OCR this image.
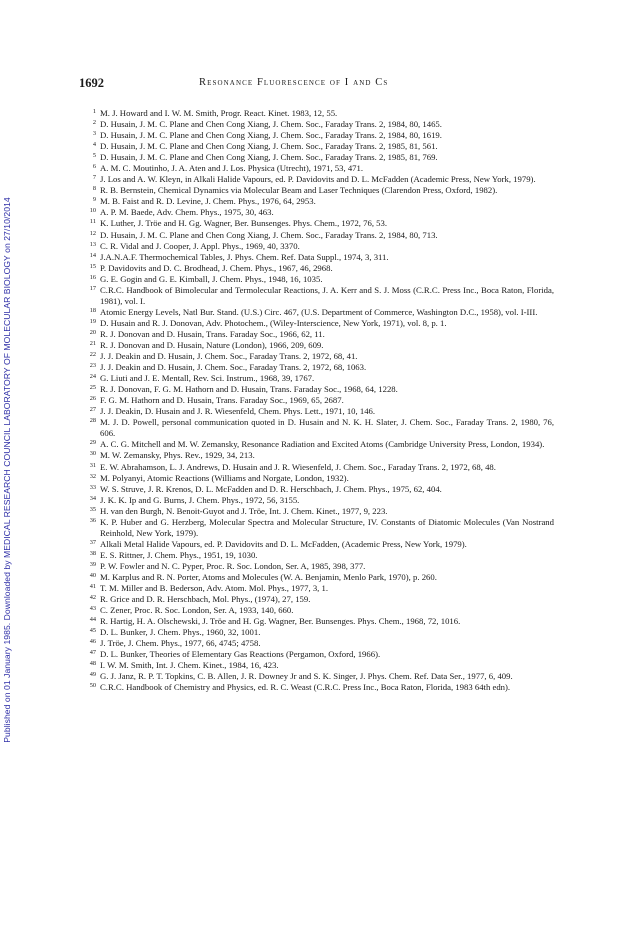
Published on 01 January 1985. Downloaded by MEDICAL RESEARCH COUNCIL LABORATORY OF MOLECULAR BIOLOGY on 27/10/2014
1692	Resonance Fluorescence of I and Cs
1 M. J. Howard and I. W. M. Smith, Progr. React. Kinet. 1983, 12, 55.
2 D. Husain, J. M. C. Plane and Chen Cong Xiang, J. Chem. Soc., Faraday Trans. 2, 1984, 80, 1465.
3 D. Husain, J. M. C. Plane and Chen Cong Xiang, J. Chem. Soc., Faraday Trans. 2, 1984, 80, 1619.
4 D. Husain, J. M. C. Plane and Chen Cong Xiang, J. Chem. Soc., Faraday Trans. 2, 1985, 81, 561.
5 D. Husain, J. M. C. Plane and Chen Cong Xiang, J. Chem. Soc., Faraday Trans. 2, 1985, 81, 769.
6 A. M. C. Moutinho, J. A. Aten and J. Los. Physica (Utrecht), 1971, 53, 471.
7 J. Los and A. W. Kleyn, in Alkali Halide Vapours, ed. P. Davidovits and D. L. McFadden (Academic Press, New York, 1979).
8 R. B. Bernstein, Chemical Dynamics via Molecular Beam and Laser Techniques (Clarendon Press, Oxford, 1982).
9 M. B. Faist and R. D. Levine, J. Chem. Phys., 1976, 64, 2953.
10 A. P. M. Baede, Adv. Chem. Phys., 1975, 30, 463.
11 K. Luther, J. Tröe and H. Gg. Wagner, Ber. Bunsenges. Phys. Chem., 1972, 76, 53.
12 D. Husain, J. M. C. Plane and Chen Cong Xiang, J. Chem. Soc., Faraday Trans. 2, 1984, 80, 713.
13 C. R. Vidal and J. Cooper, J. Appl. Phys., 1969, 40, 3370.
14 J.A.N.A.F. Thermochemical Tables, J. Phys. Chem. Ref. Data Suppl., 1974, 3, 311.
15 P. Davidovits and D. C. Brodhead, J. Chem. Phys., 1967, 46, 2968.
16 G. E. Gogin and G. E. Kimball, J. Chem. Phys., 1948, 16, 1035.
17 C.R.C. Handbook of Bimolecular and Termolecular Reactions, J. A. Kerr and S. J. Moss (C.R.C. Press Inc., Boca Raton, Florida, 1981), vol. I.
18 Atomic Energy Levels, Natl Bur. Stand. (U.S.) Circ. 467, (U.S. Department of Commerce, Washington D.C., 1958), vol. I-III.
19 D. Husain and R. J. Donovan, Adv. Photochem., (Wiley-Interscience, New York, 1971), vol. 8, p. 1.
20 R. J. Donovan and D. Husain, Trans. Faraday Soc., 1966, 62, 11.
21 R. J. Donovan and D. Husain, Nature (London), 1966, 209, 609.
22 J. J. Deakin and D. Husain, J. Chem. Soc., Faraday Trans. 2, 1972, 68, 41.
23 J. J. Deakin and D. Husain, J. Chem. Soc., Faraday Trans. 2, 1972, 68, 1063.
24 G. Liuti and J. E. Mentall, Rev. Sci. Instrum., 1968, 39, 1767.
25 R. J. Donovan, F. G. M. Hathorn and D. Husain, Trans. Faraday Soc., 1968, 64, 1228.
26 F. G. M. Hathorn and D. Husain, Trans. Faraday Soc., 1969, 65, 2687.
27 J. J. Deakin, D. Husain and J. R. Wiesenfeld, Chem. Phys. Lett., 1971, 10, 146.
28 M. J. D. Powell, personal communication quoted in D. Husain and N. K. H. Slater, J. Chem. Soc., Faraday Trans. 2, 1980, 76, 606.
29 A. C. G. Mitchell and M. W. Zemansky, Resonance Radiation and Excited Atoms (Cambridge University Press, London, 1934).
30 M. W. Zemansky, Phys. Rev., 1929, 34, 213.
31 E. W. Abrahamson, L. J. Andrews, D. Husain and J. R. Wiesenfeld, J. Chem. Soc., Faraday Trans. 2, 1972, 68, 48.
32 M. Polyanyi, Atomic Reactions (Williams and Norgate, London, 1932).
33 W. S. Struve, J. R. Krenos, D. L. McFadden and D. R. Herschbach, J. Chem. Phys., 1975, 62, 404.
34 J. K. K. Ip and G. Burns, J. Chem. Phys., 1972, 56, 3155.
35 H. van den Burgh, N. Benoit-Guyot and J. Tröe, Int. J. Chem. Kinet., 1977, 9, 223.
36 K. P. Huber and G. Herzberg, Molecular Spectra and Molecular Structure, IV. Constants of Diatomic Molecules (Van Nostrand Reinhold, New York, 1979).
37 Alkali Metal Halide Vapours, ed. P. Davidovits and D. L. McFadden, (Academic Press, New York, 1979).
38 E. S. Rittner, J. Chem. Phys., 1951, 19, 1030.
39 P. W. Fowler and N. C. Pyper, Proc. R. Soc. London, Ser. A, 1985, 398, 377.
40 M. Karplus and R. N. Porter, Atoms and Molecules (W. A. Benjamin, Menlo Park, 1970), p. 260.
41 T. M. Miller and B. Bederson, Adv. Atom. Mol. Phys., 1977, 3, 1.
42 R. Grice and D. R. Herschbach, Mol. Phys., (1974), 27, 159.
43 C. Zener, Proc. R. Soc. London, Ser. A, 1933, 140, 660.
44 R. Hartig, H. A. Olschewski, J. Tröe and H. Gg. Wagner, Ber. Bunsenges. Phys. Chem., 1968, 72, 1016.
45 D. L. Bunker, J. Chem. Phys., 1960, 32, 1001.
46 J. Tröe, J. Chem. Phys., 1977, 66, 4745; 4758.
47 D. L. Bunker, Theories of Elementary Gas Reactions (Pergamon, Oxford, 1966).
48 I. W. M. Smith, Int. J. Chem. Kinet., 1984, 16, 423.
49 G. J. Janz, R. P. T. Topkins, C. B. Allen, J. R. Downey Jr and S. K. Singer, J. Phys. Chem. Ref. Data Ser., 1977, 6, 409.
50 C.R.C. Handbook of Chemistry and Physics, ed. R. C. Weast (C.R.C. Press Inc., Boca Raton, Florida, 1983 64th edn).
